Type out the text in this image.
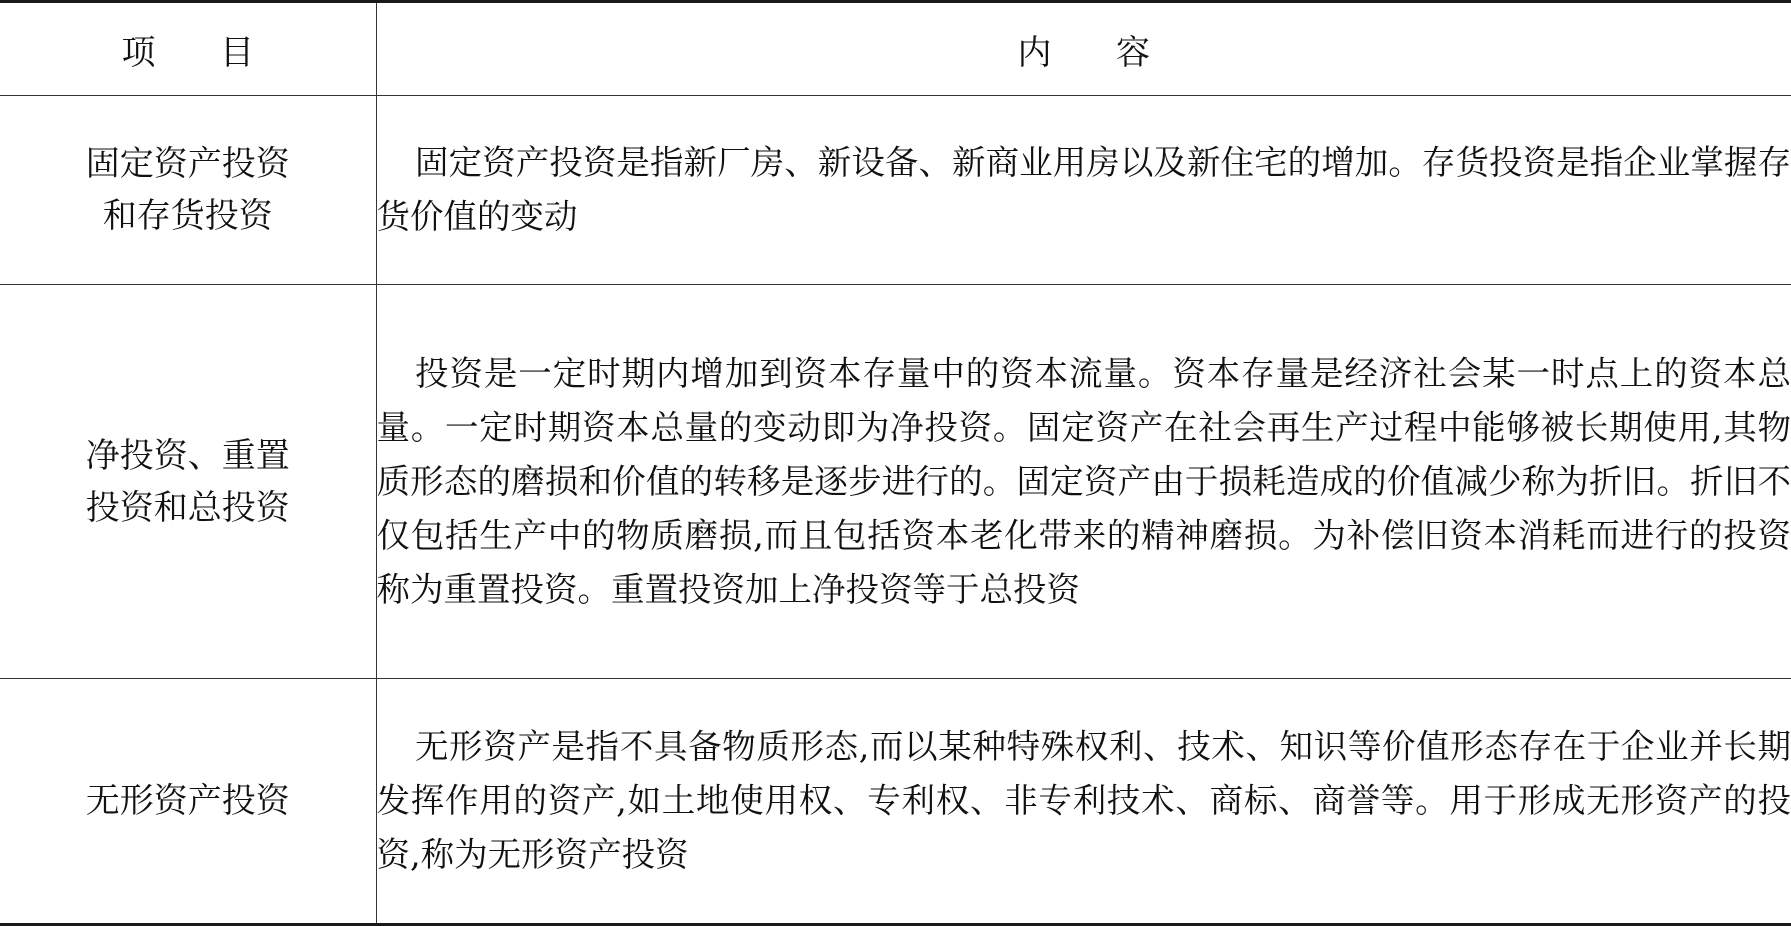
项目	内容
固定资产投资和存货投资	固定资产投资是指新厂房、新设备、新商业用房以及新住宅的增加。存货投资是指企业掌握存货价值的变动

净投资、重置投资和总投资	投资是一定时期内增加到资本存量中的资本流量。资本存量是经济社会某一时点上的资本总量。一定时期资本总量的变动即为净投资。固定资产在社会再生产过程中能够被长期使用,其物质形态的磨损和价值的转移是逐步进行的。固定资产由于损耗造成的价值减少称为折旧。折旧不仅包括生产中的物质磨损,而且包括资本老化带来的精神磨损。为补偿旧资本消耗而进行的投资称为重置投资。重置投资加上净投资等于总投资

无形资产投资	无形资产是指不具备物质形态,而以某种特殊权利、技术、知识等价值形态存在于企业并长期发挥作用的资产,如土地使用权、专利权、非专利技术、商标、商誉等。用于形成无形资产的投资,称为无形资产投资
